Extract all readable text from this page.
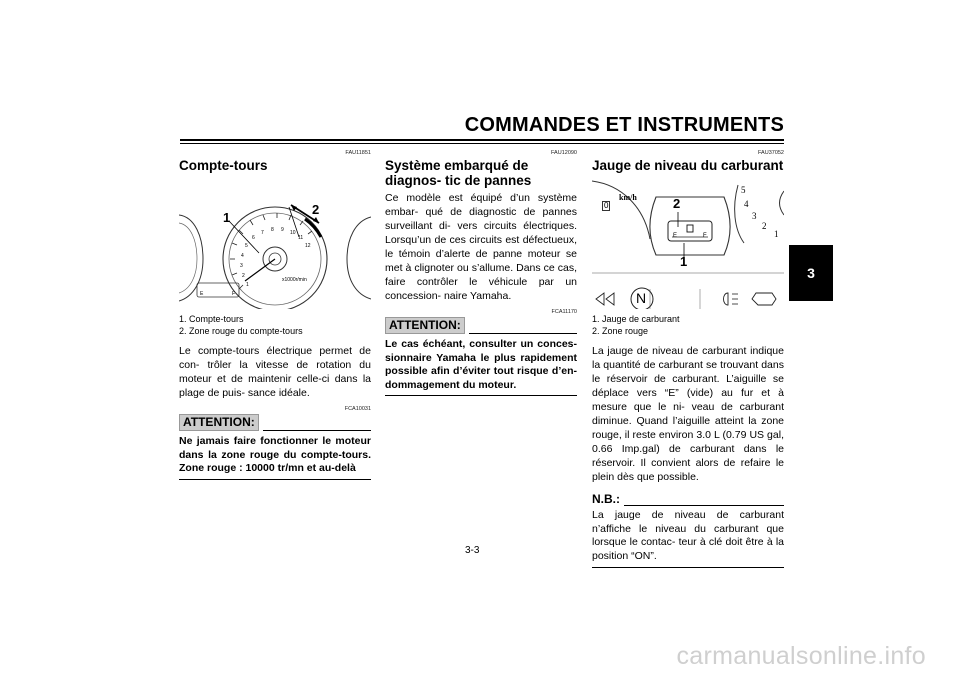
COMMANDES ET INSTRUMENTS
3
FAU11851
Compte-tours
1
2
x1000r/min
1
2
3
4
5
6
7 8 9 10
11
12
E	F
1. Compte-tours
2. Zone rouge du compte-tours

Le compte-tours électrique permet de con- trôler la vitesse de rotation du moteur et de maintenir celle-ci dans la plage de puis- sance idéale.

FCA10031
ATTENTION:
Ne jamais faire fonctionner le moteur dans la zone rouge du compte-tours. Zone rouge : 10000 tr/mn et au-delà
FAU12090
Système embarqué de diagnos- tic de pannes

Ce modèle est équipé d’un système embar- qué de diagnostic de pannes surveillant di- vers circuits électriques. Lorsqu’un de ces circuits est défectueux, le témoin d’alerte de panne moteur se met à clignoter ou s’allume. Dans ce cas, faire contrôler le véhicule par un concession- naire Yamaha.

FCA11170
ATTENTION:
Le cas échéant, consulter un conces- sionnaire Yamaha le plus rapidement possible afin d’éviter tout risque d’en- dommagement du moteur.
FAU37052
Jauge de niveau du carburant
2
1
km/h
0
E	F
5
4
3
2
1
N
1. Jauge de carburant
2. Zone rouge

La jauge de niveau de carburant indique la quantité de carburant se trouvant dans le réservoir de carburant. L’aiguille se déplace vers “E” (vide) au fur et à mesure que le ni- veau de carburant diminue. Quand l’aiguille atteint la zone rouge, il reste environ 3.0 L (0.79 US gal, 0.66 Imp.gal) de carburant dans le réservoir. Il convient alors de refaire le plein dès que possible.

N.B.:
La jauge de niveau de carburant n’affiche le niveau du carburant que lorsque le contac- teur à clé doit être à la position “ON”.
3-3
carmanualsonline.info
